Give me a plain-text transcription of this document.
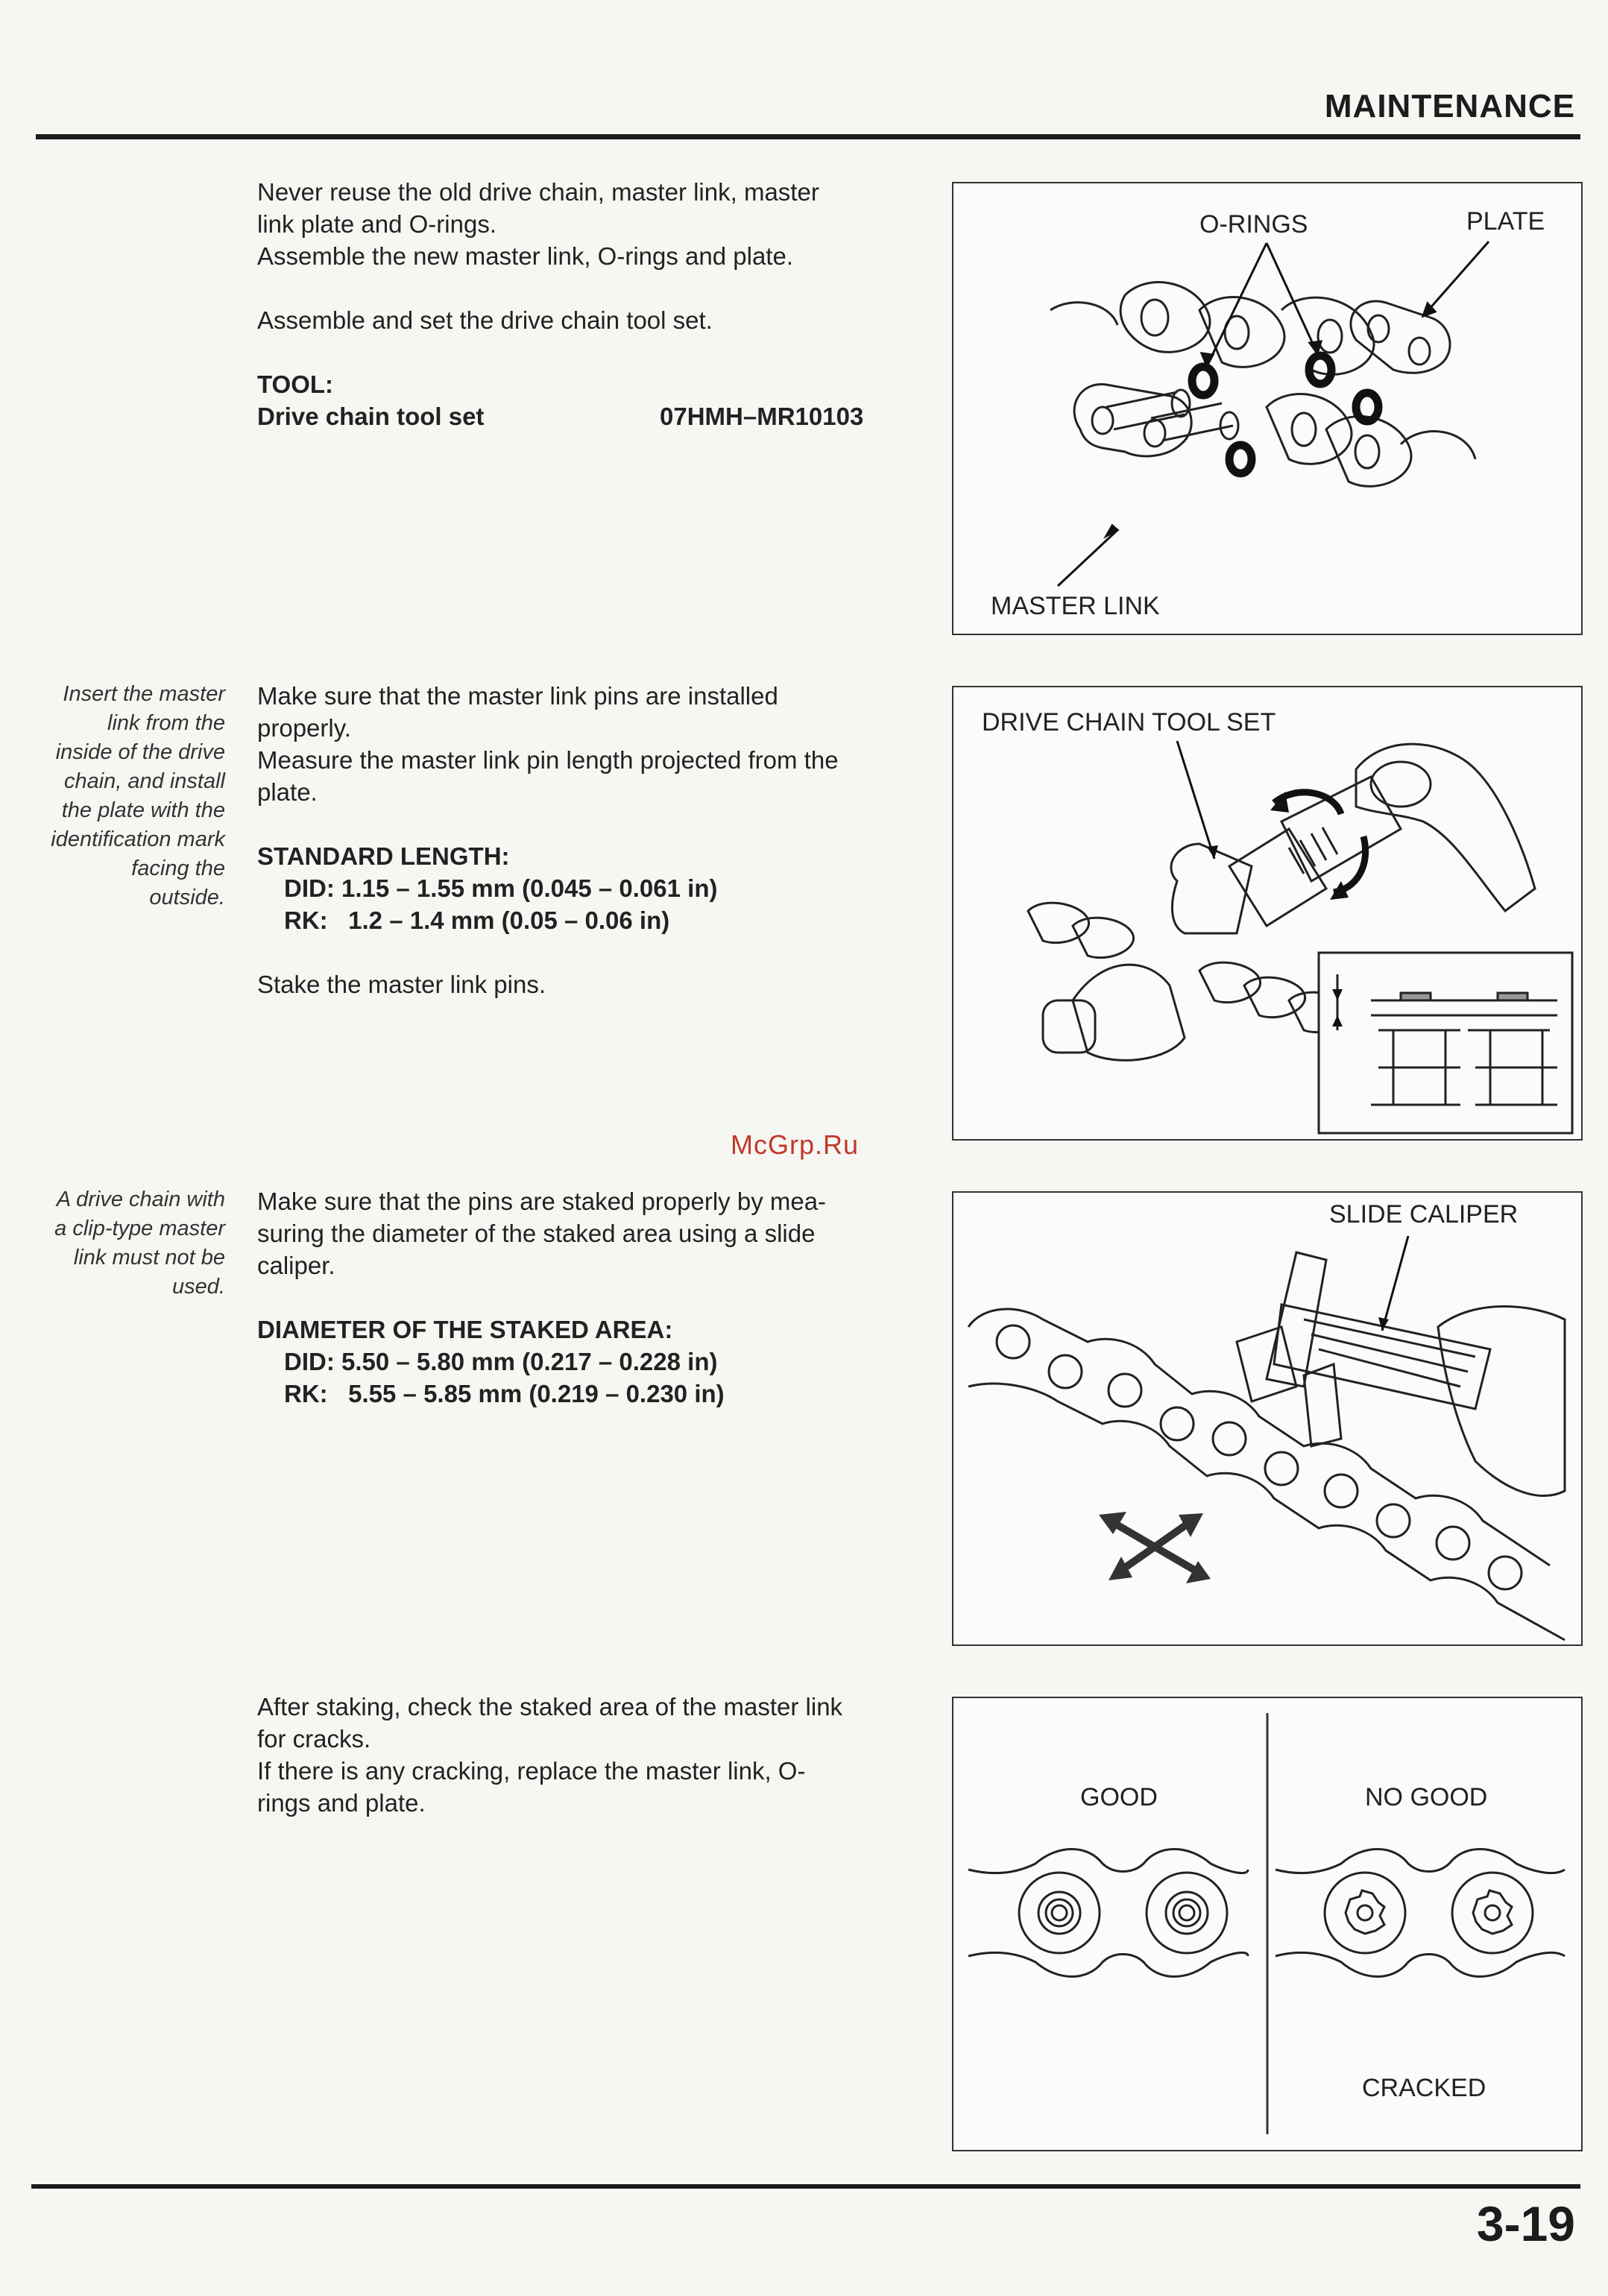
MAINTENANCE
McGrp.Ru

Never reuse the old drive chain, master link, master

link plate and O-rings.

Assemble the new master link, O-rings and plate.

Assemble and set the drive chain tool set.

TOOL:

Drive chain tool set	07HMH–MR10103
O-RINGS	PLATE
MASTER LINK
Insert the master
link from the
inside of the drive
chain, and install
the plate with the
identification mark
facing the
outside.

Make sure that the master link pins are installed

properly.

Measure the master link pin length projected from the

plate.

STANDARD LENGTH:

DID: 1.15 – 1.55 mm (0.045 – 0.061 in)

RK:   1.2 – 1.4 mm (0.05 – 0.06 in)

Stake the master link pins.

DRIVE CHAIN TOOL SET
A drive chain with
a clip-type master
link must not be
used.

Make sure that the pins are staked properly by mea-

suring the diameter of the staked area using a slide

caliper.

DIAMETER OF THE STAKED AREA:

DID: 5.50 – 5.80 mm (0.217 – 0.228 in)

RK:   5.55 – 5.85 mm (0.219 – 0.230 in)

SLIDE CALIPER

After staking, check the staked area of the master link

for cracks.

If there is any cracking, replace the master link, O-

rings and plate.	GOOD	NO GOOD
CRACKED
3-19
